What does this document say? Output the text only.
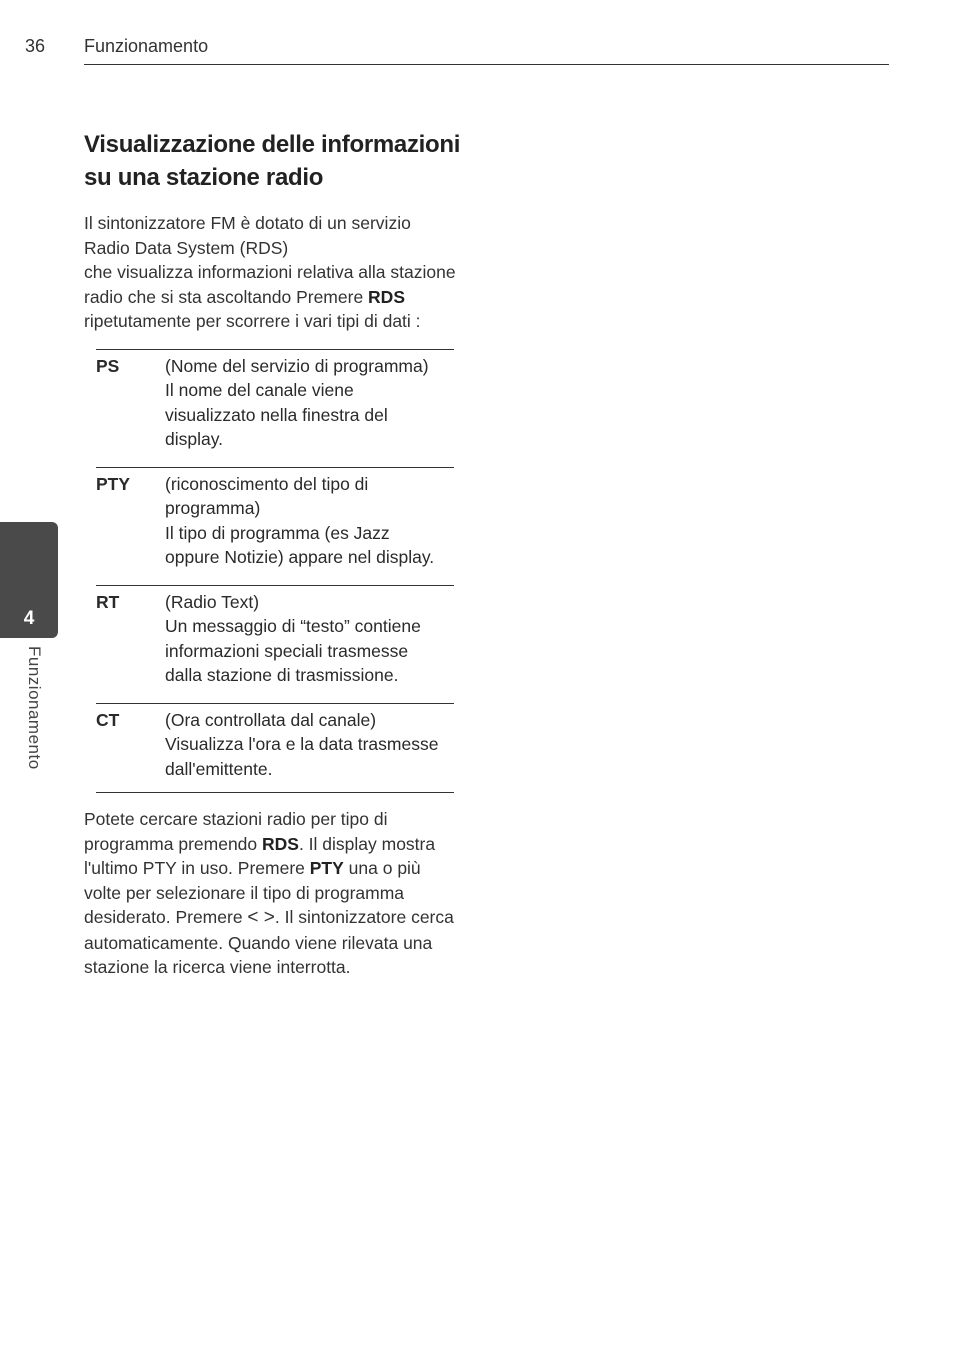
36 Funzionamento
4
Funzionamento
Visualizzazione delle informazioni
su una stazione radio

Il sintonizzatore FM è dotato di un servizio
Radio Data System (RDS)
che visualizza informazioni relativa alla stazione
radio che si sta ascoltando Premere RDS
ripetutamente per scorrere i vari tipi di dati :

PS	(Nome del servizio di programma)
Il nome del canale viene
visualizzato nella finestra del
display.
PTY	(riconoscimento del tipo di
programma)
Il tipo di programma (es Jazz
oppure Notizie) appare nel display.
RT	(Radio Text)
Un messaggio di “testo” contiene
informazioni speciali trasmesse
dalla stazione di trasmissione.
CT	(Ora controllata dal canale)
Visualizza l'ora e la data trasmesse
dall'emittente.

Potete cercare stazioni radio per tipo di
programma premendo RDS. Il display mostra
l'ultimo PTY in uso. Premere PTY una o più
volte per selezionare il tipo di programma
desiderato. Premere < >. Il sintonizzatore cerca
automaticamente. Quando viene rilevata una
stazione la ricerca viene interrotta.
